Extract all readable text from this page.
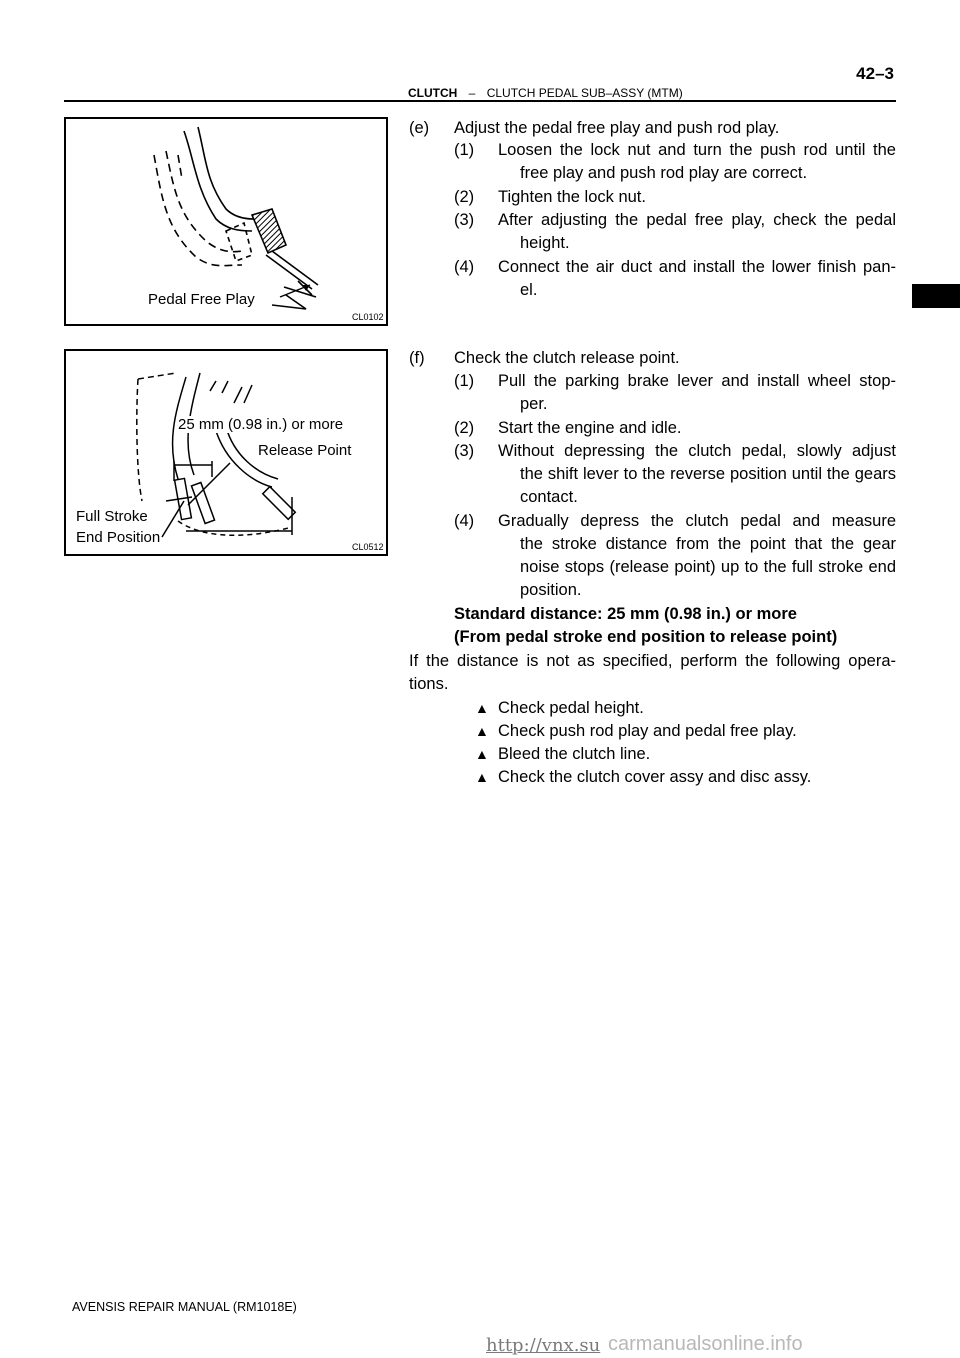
42–3
CLUTCH – CLUTCH PEDAL SUB–ASSY (MTM)
Pedal Free Play
CL0102
25 mm (0.98 in.) or more
Release Point
Full Stroke
End Position
CL0512
(e) Adjust the pedal free play and push rod play.
(1) Loosen the lock nut and turn the push rod until the
free play and push rod play are correct.
(2) Tighten the lock nut.
(3) After adjusting the pedal free play, check the pedal
height.
(4) Connect the air duct and install the lower finish pan-
el.
(f) Check the clutch release point.
(1) Pull the parking brake lever and install wheel stop-
per.
(2) Start the engine and idle.
(3) Without depressing the clutch pedal, slowly adjust
the shift lever to the reverse position until the gears
contact.
(4) Gradually depress the clutch pedal and measure
the stroke distance from the point that the gear
noise stops (release point) up to the full stroke end
position.
Standard distance: 25 mm (0.98 in.) or more
(From pedal stroke end position to release point)
If the distance is not as specified, perform the following opera-
tions.
▲ Check pedal height.
▲ Check push rod play and pedal free play.
▲ Bleed the clutch line.
▲ Check the clutch cover assy and disc assy.
AVENSIS REPAIR MANUAL (RM1018E)
http://vnx.su carmanualsonline.info
